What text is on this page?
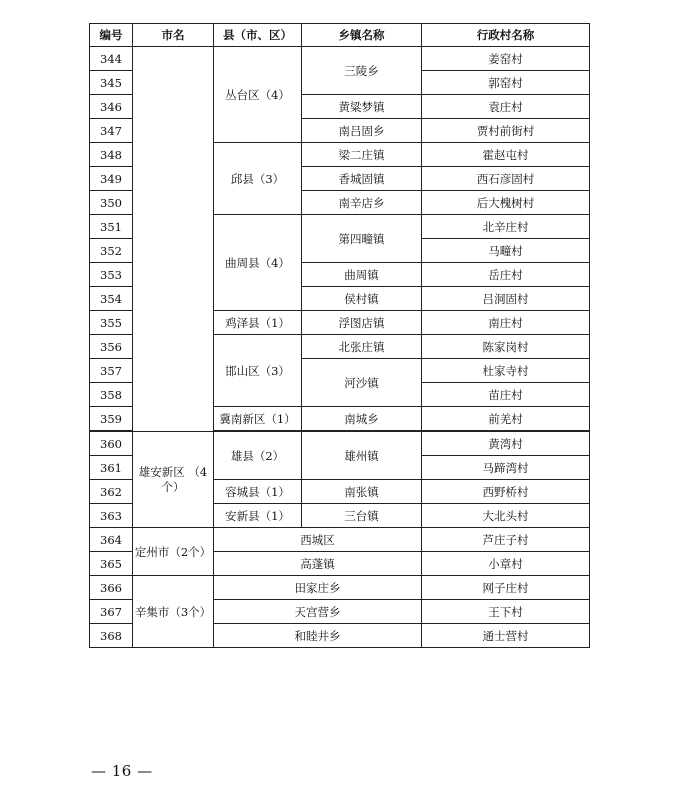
编号	市名	县（市、区）	乡镇名称	行政村名称
344		丛台区（4）	三陵乡	姜窑村
345				郭窑村
346			黄粱梦镇	袁庄村
347			南吕固乡	贾村前街村
348		邱县（3）	梁二庄镇	霍赵屯村
349			香城固镇	西石彦固村
350			南辛店乡	后大槐树村
351		曲周县（4）	第四疃镇	北辛庄村
352				马疃村
353			曲周镇	岳庄村
354			侯村镇	吕洞固村
355		鸡泽县（1）	浮图店镇	南庄村
356		邯山区（3）	北张庄镇	陈家岗村
357			河沙镇	杜家寺村
358				苗庄村
359		冀南新区（1）	南城乡	前羌村

360	雄安新区 （4个）	雄县（2）	雄州镇	黄湾村
361				马蹄湾村
362		容城县（1）	南张镇	西野桥村
363		安新县（1）	三台镇	大北头村
364	定州市（2个）	西城区		芦庄子村
365		高蓬镇		小章村
366	辛集市（3个）	田家庄乡		网子庄村
367		天宫营乡		王下村
368		和睦井乡		通士营村
— 16 —
